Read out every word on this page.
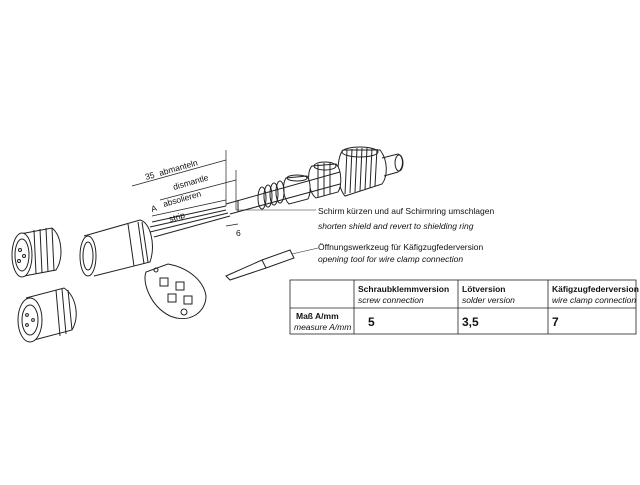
35 abmanteln
dismantle
A absolieren
strip
6
Schirm kürzen und auf Schirmring umschlagen
shorten shield and revert to shielding ring
Öffnungswerkzeug für Käfigzugfederversion
opening tool for wire clamp connection
Schraubklemmversion
screw connection
Lötversion
solder version
Käfigzugfederversion
wire clamp connection
Maß A/mm
measure A/mm 5	3,5	7
